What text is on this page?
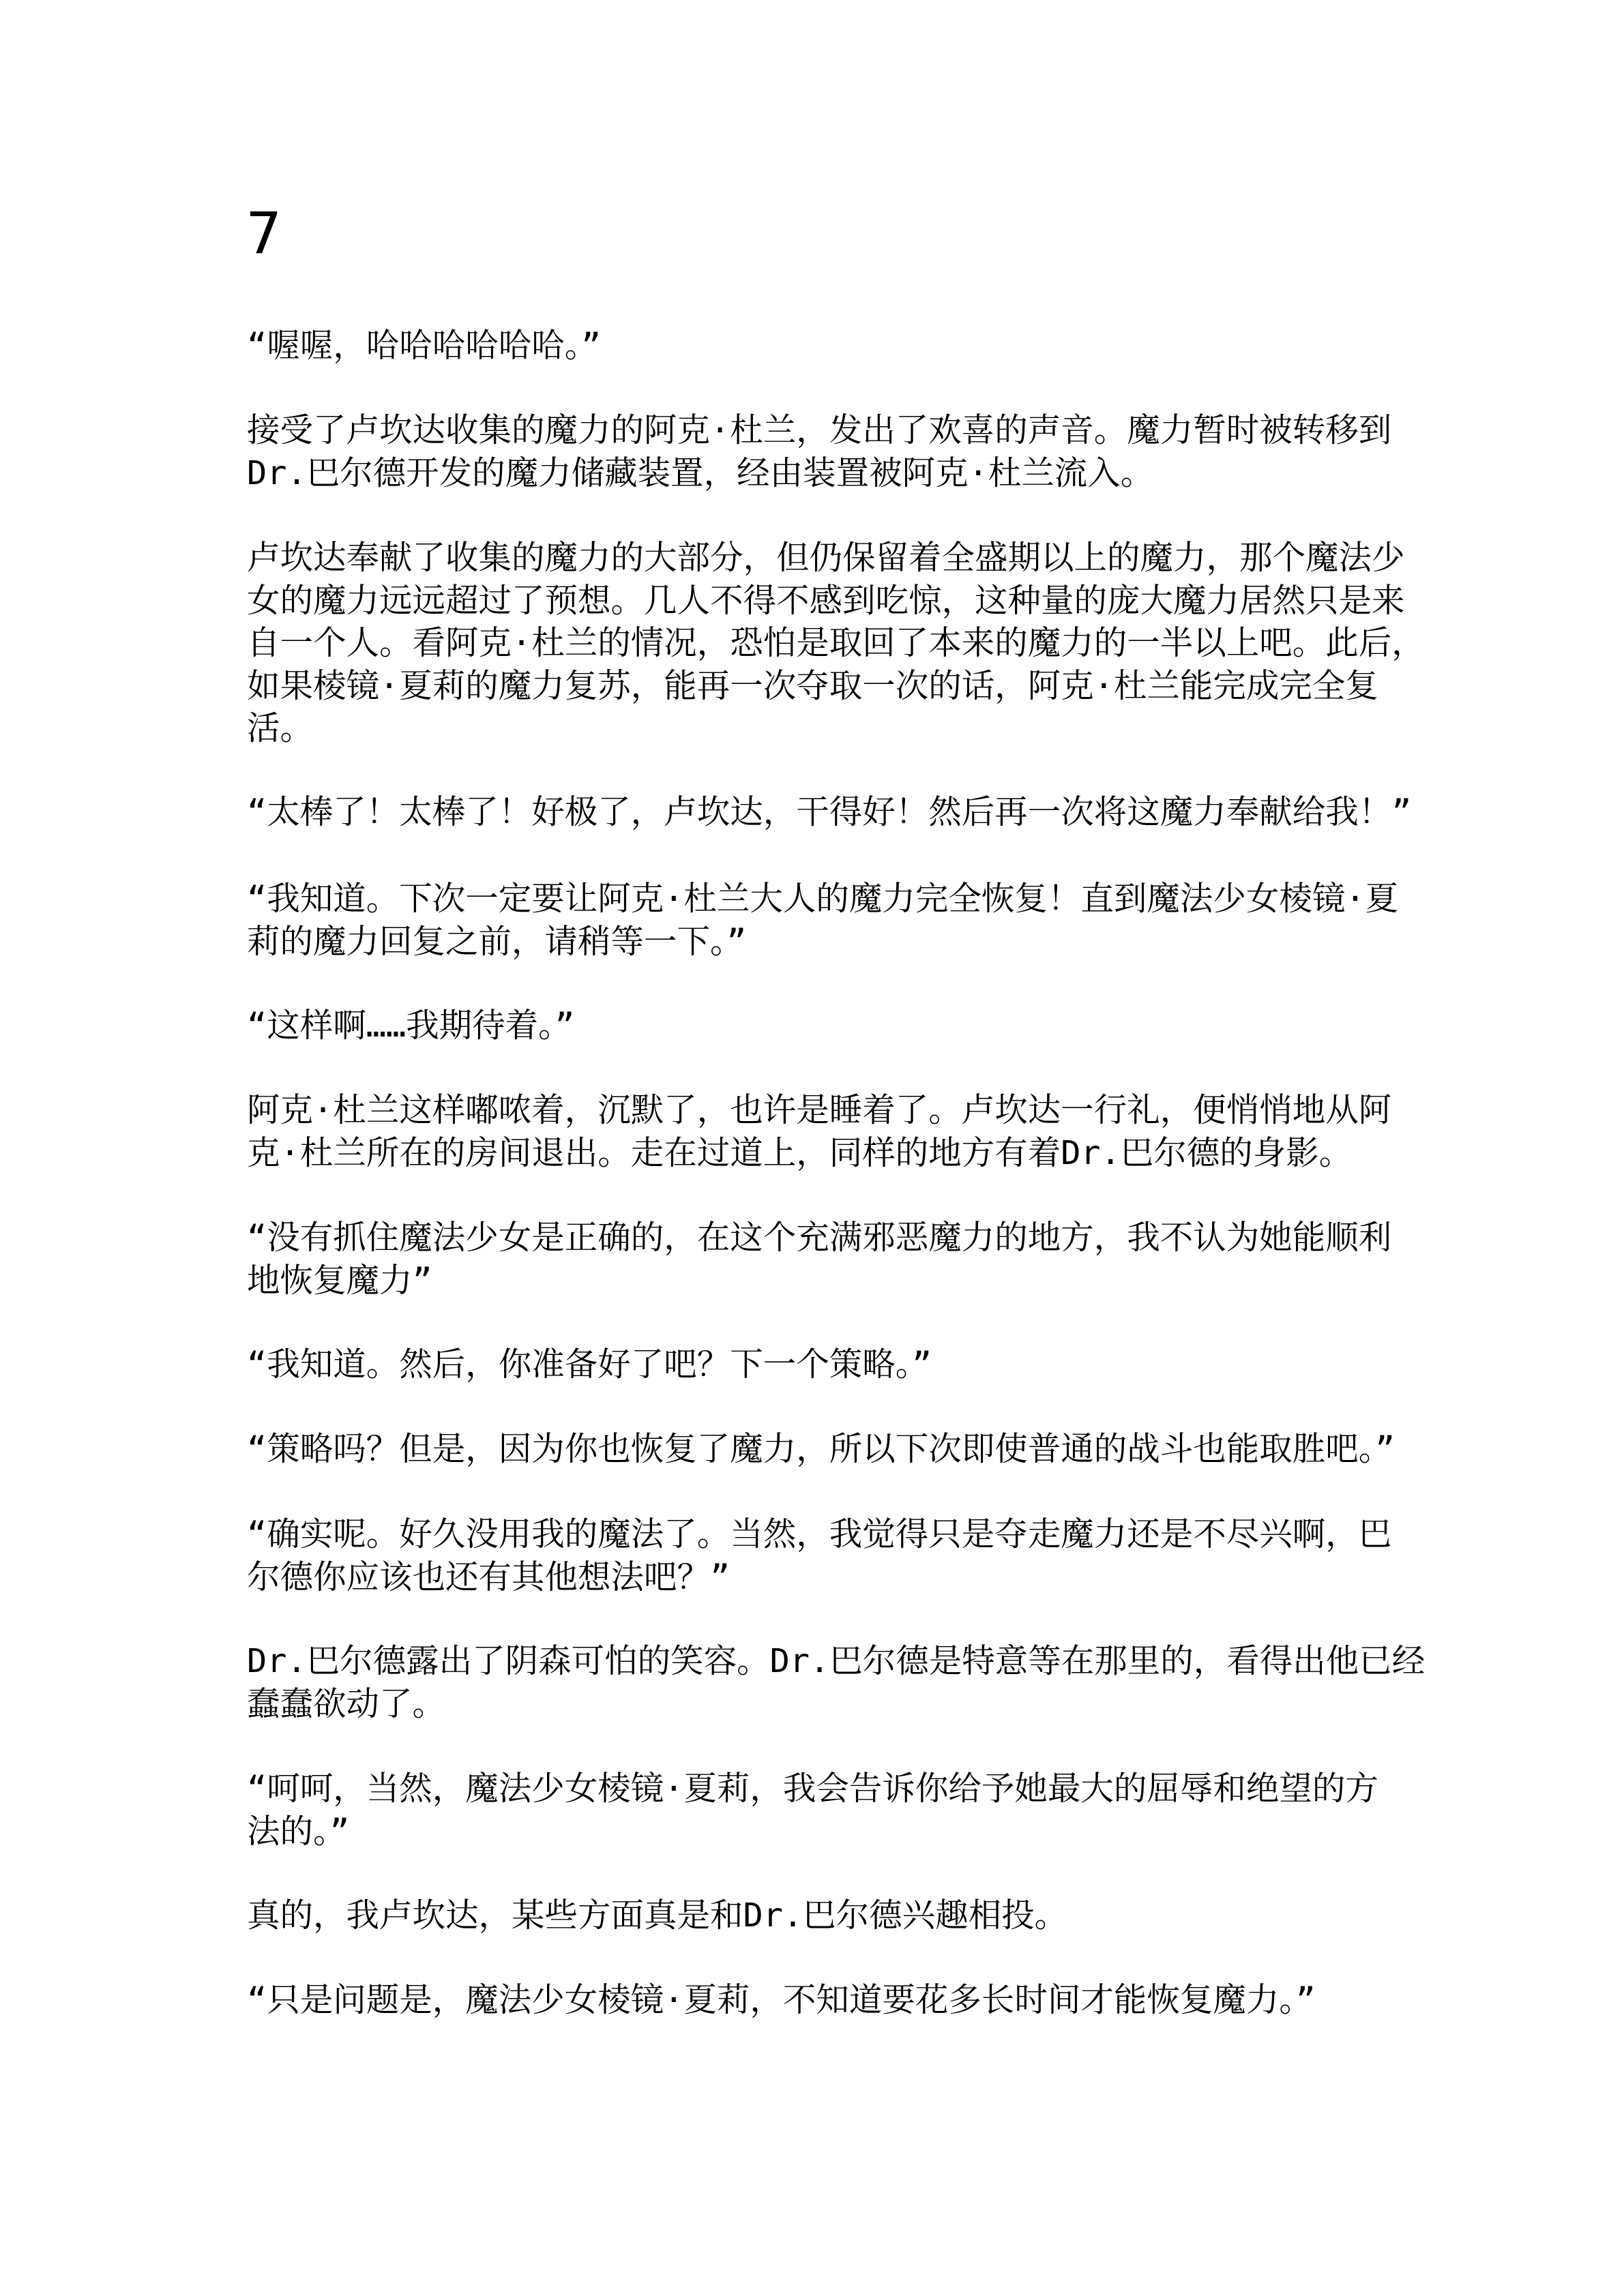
7
“喔喔，哈哈哈哈哈哈。”
接受了卢坎达收集的魔力的阿克·杜兰，发出了欢喜的声音。魔力暂时被转移到
Dr.巴尔德开发的魔力储藏装置，经由装置被阿克·杜兰流入。
卢坎达奉献了收集的魔力的大部分，但仍保留着全盛期以上的魔力，那个魔法少
女的魔力远远超过了预想。几人不得不感到吃惊，这种量的庞大魔力居然只是来
自一个人。看阿克·杜兰的情况，恐怕是取回了本来的魔力的一半以上吧。此后，
如果棱镜·夏莉的魔力复苏，能再一次夺取一次的话，阿克·杜兰能完成完全复
活。
“太棒了！太棒了！好极了，卢坎达，干得好！然后再一次将这魔力奉献给我！”
“我知道。下次一定要让阿克·杜兰大人的魔力完全恢复！直到魔法少女棱镜·夏
莉的魔力回复之前，请稍等一下。”
“这样啊……我期待着。”
阿克·杜兰这样嘟哝着，沉默了，也许是睡着了。卢坎达一行礼，便悄悄地从阿
克·杜兰所在的房间退出。走在过道上，同样的地方有着Dr.巴尔德的身影。
“没有抓住魔法少女是正确的，在这个充满邪恶魔力的地方，我不认为她能顺利
地恢复魔力”
“我知道。然后，你准备好了吧？下一个策略。”
“策略吗？但是，因为你也恢复了魔力，所以下次即使普通的战斗也能取胜吧。”
“确实呢。好久没用我的魔法了。当然，我觉得只是夺走魔力还是不尽兴啊，巴
尔德你应该也还有其他想法吧？”
Dr.巴尔德露出了阴森可怕的笑容。Dr.巴尔德是特意等在那里的，看得出他已经
蠢蠢欲动了。
“呵呵，当然，魔法少女棱镜·夏莉，我会告诉你给予她最大的屈辱和绝望的方
法的。”
真的，我卢坎达，某些方面真是和Dr.巴尔德兴趣相投。
“只是问题是，魔法少女棱镜·夏莉，不知道要花多长时间才能恢复魔力。”
